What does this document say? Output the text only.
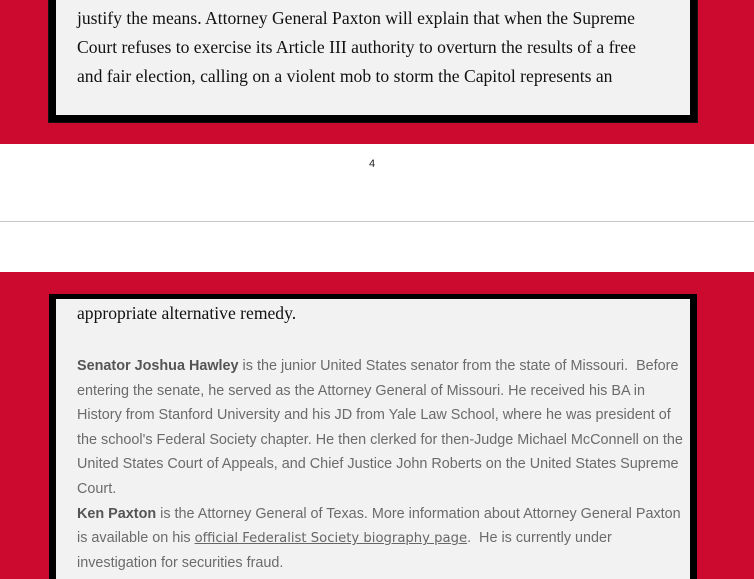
justify the means. Attorney General Paxton will explain that when the Supreme
Court refuses to exercise its Article III authority to overturn the results of a free
and fair election, calling on a violent mob to storm the Capitol represents an
4
appropriate alternative remedy.
Senator Joshua Hawley is the junior United States senator from the state of Missouri.  Before
entering the senate, he served as the Attorney General of Missouri. He received his BA in
History from Stanford University and his JD from Yale Law School, where he was president of
the school's Federal Society chapter. He then clerked for then-Judge Michael McConnell on the
United States Court of Appeals, and Chief Justice John Roberts on the United States Supreme
Court.
Ken Paxton is the Attorney General of Texas. More information about Attorney General Paxton
is available on his official Federalist Society biography page.  He is currently under
investigation for securities fraud.
